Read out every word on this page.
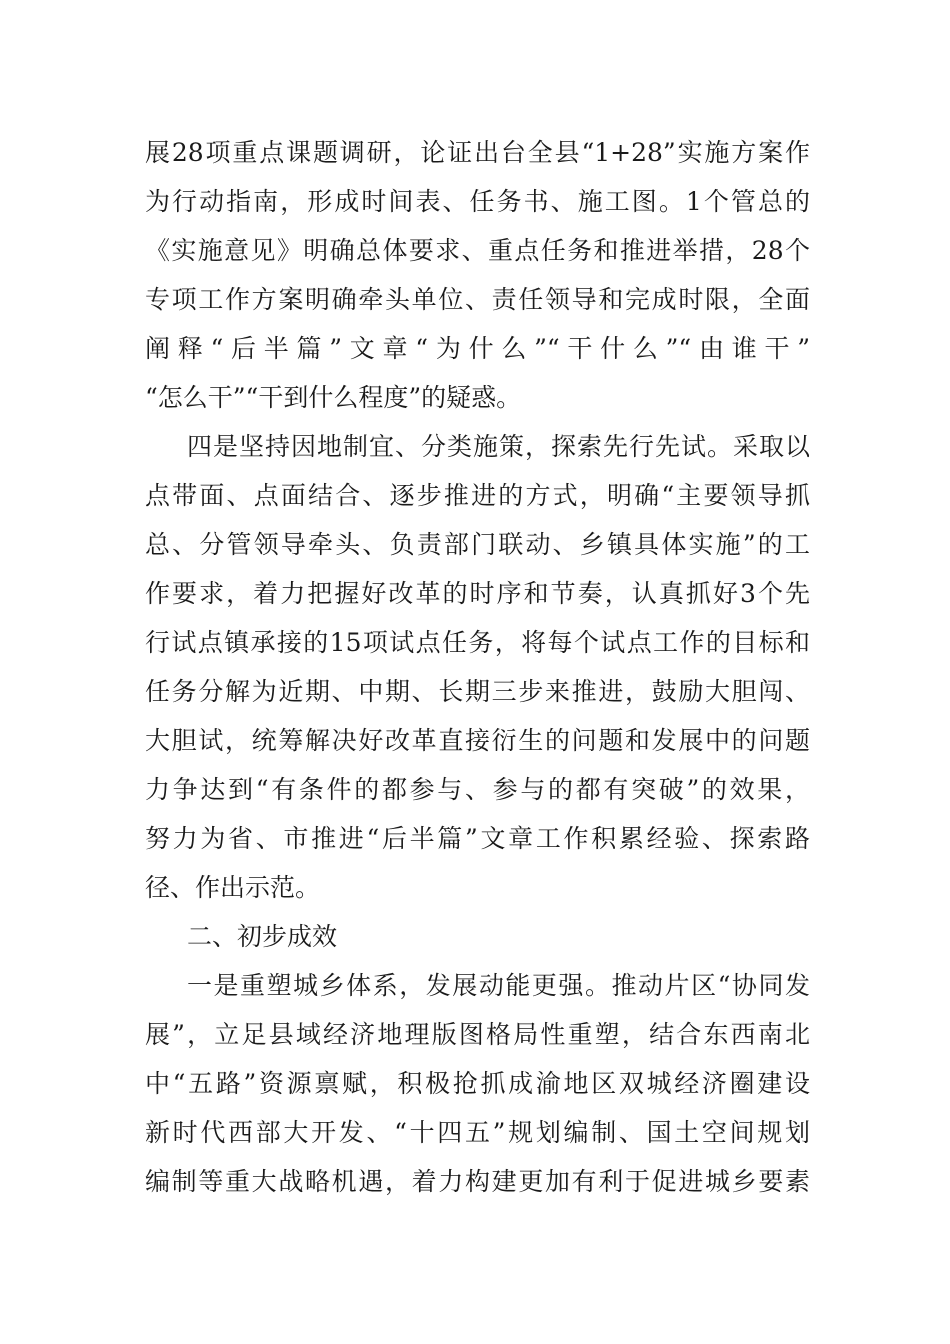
展28项重点课题调研，论证出台全县“1+28”实施方案作
为行动指南，形成时间表、任务书、施工图。1个管总的
《实施意见》明确总体要求、重点任务和推进举措，28个
专项工作方案明确牵头单位、责任领导和完成时限，全面
阐释“后半篇”文章“为什么”“干什么”“由谁干”
“怎么干”“干到什么程度”的疑惑。
四是坚持因地制宜、分类施策，探索先行先试。采取以
点带面、点面结合、逐步推进的方式，明确“主要领导抓
总、分管领导牵头、负责部门联动、乡镇具体实施”的工
作要求，着力把握好改革的时序和节奏，认真抓好3个先
行试点镇承接的15项试点任务，将每个试点工作的目标和
任务分解为近期、中期、长期三步来推进，鼓励大胆闯、
大胆试，统筹解决好改革直接衍生的问题和发展中的问题
力争达到“有条件的都参与、参与的都有突破”的效果，
努力为省、市推进“后半篇”文章工作积累经验、探索路
径、作出示范。
二、初步成效
一是重塑城乡体系，发展动能更强。推动片区“协同发
展”，立足县域经济地理版图格局性重塑，结合东西南北
中“五路”资源禀赋，积极抢抓成渝地区双城经济圈建设
新时代西部大开发、“十四五”规划编制、国土空间规划
编制等重大战略机遇，着力构建更加有利于促进城乡要素
